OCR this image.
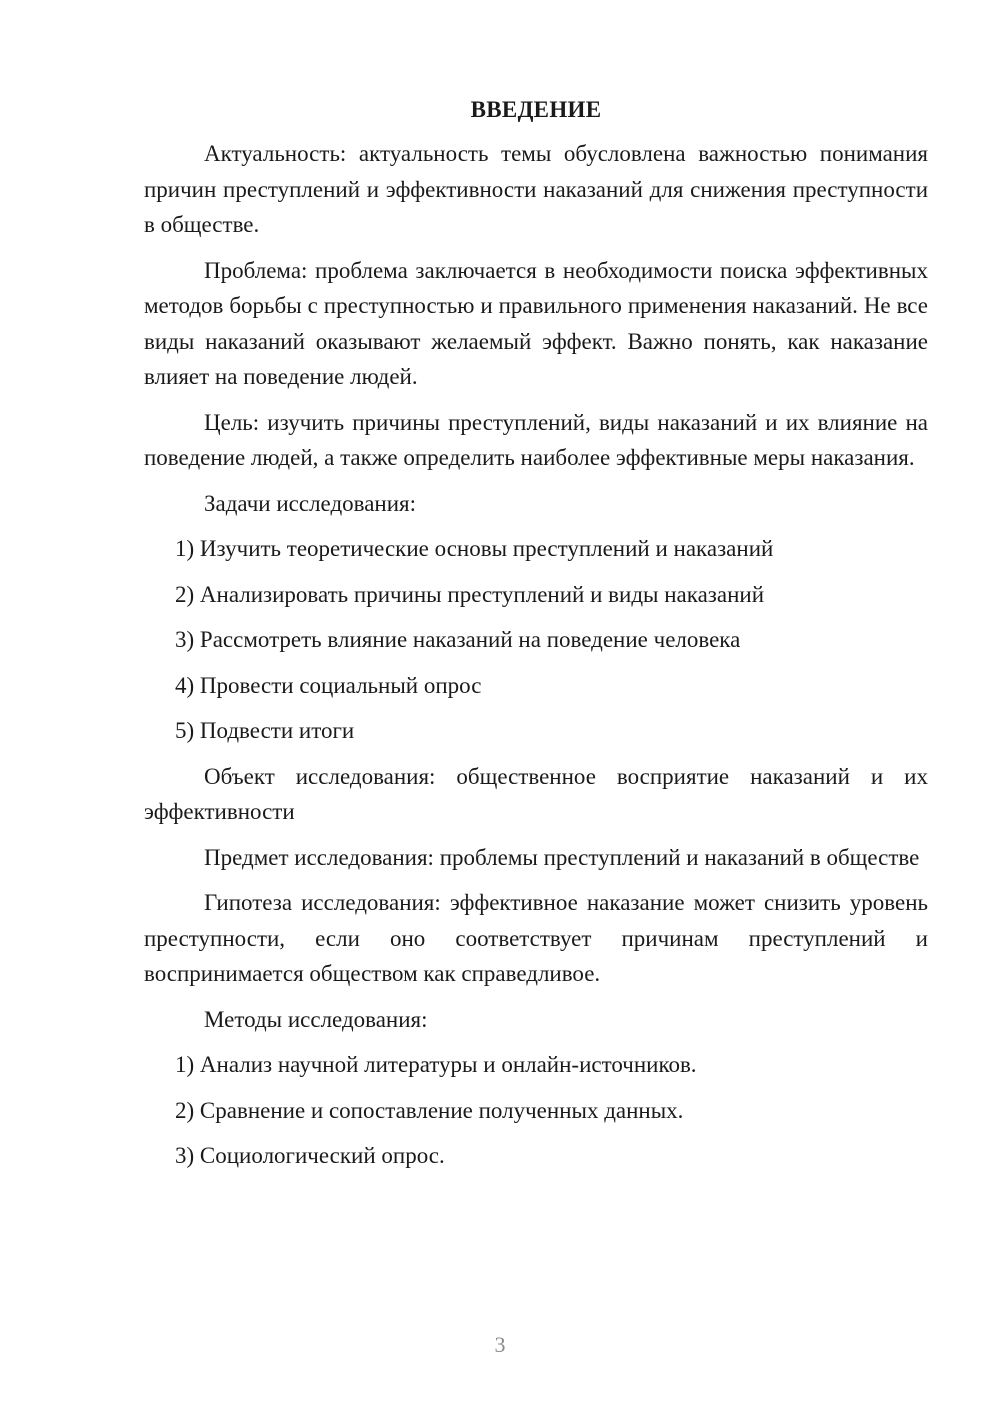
ВВЕДЕНИЕ
Актуальность: актуальность темы обусловлена важностью понимания причин преступлений и эффективности наказаний для снижения преступности в обществе.
Проблема: проблема заключается в необходимости поиска эффективных методов борьбы с преступностью и правильного применения наказаний. Не все виды наказаний оказывают желаемый эффект. Важно понять, как наказание влияет на поведение людей.
Цель: изучить причины преступлений, виды наказаний и их влияние на поведение людей, а также определить наиболее эффективные меры наказания.
Задачи исследования:
1) Изучить теоретические основы преступлений и наказаний
2) Анализировать причины преступлений и виды наказаний
3) Рассмотреть влияние наказаний на поведение человека
4) Провести социальный опрос
5) Подвести итоги
Объект исследования: общественное восприятие наказаний и их эффективности
Предмет исследования: проблемы преступлений и наказаний в обществе
Гипотеза исследования: эффективное наказание может снизить уровень преступности, если оно соответствует причинам преступлений и воспринимается обществом как справедливое.
Методы исследования:
1) Анализ научной литературы и онлайн-источников.
2) Сравнение и сопоставление полученных данных.
3) Социологический опрос.
3
